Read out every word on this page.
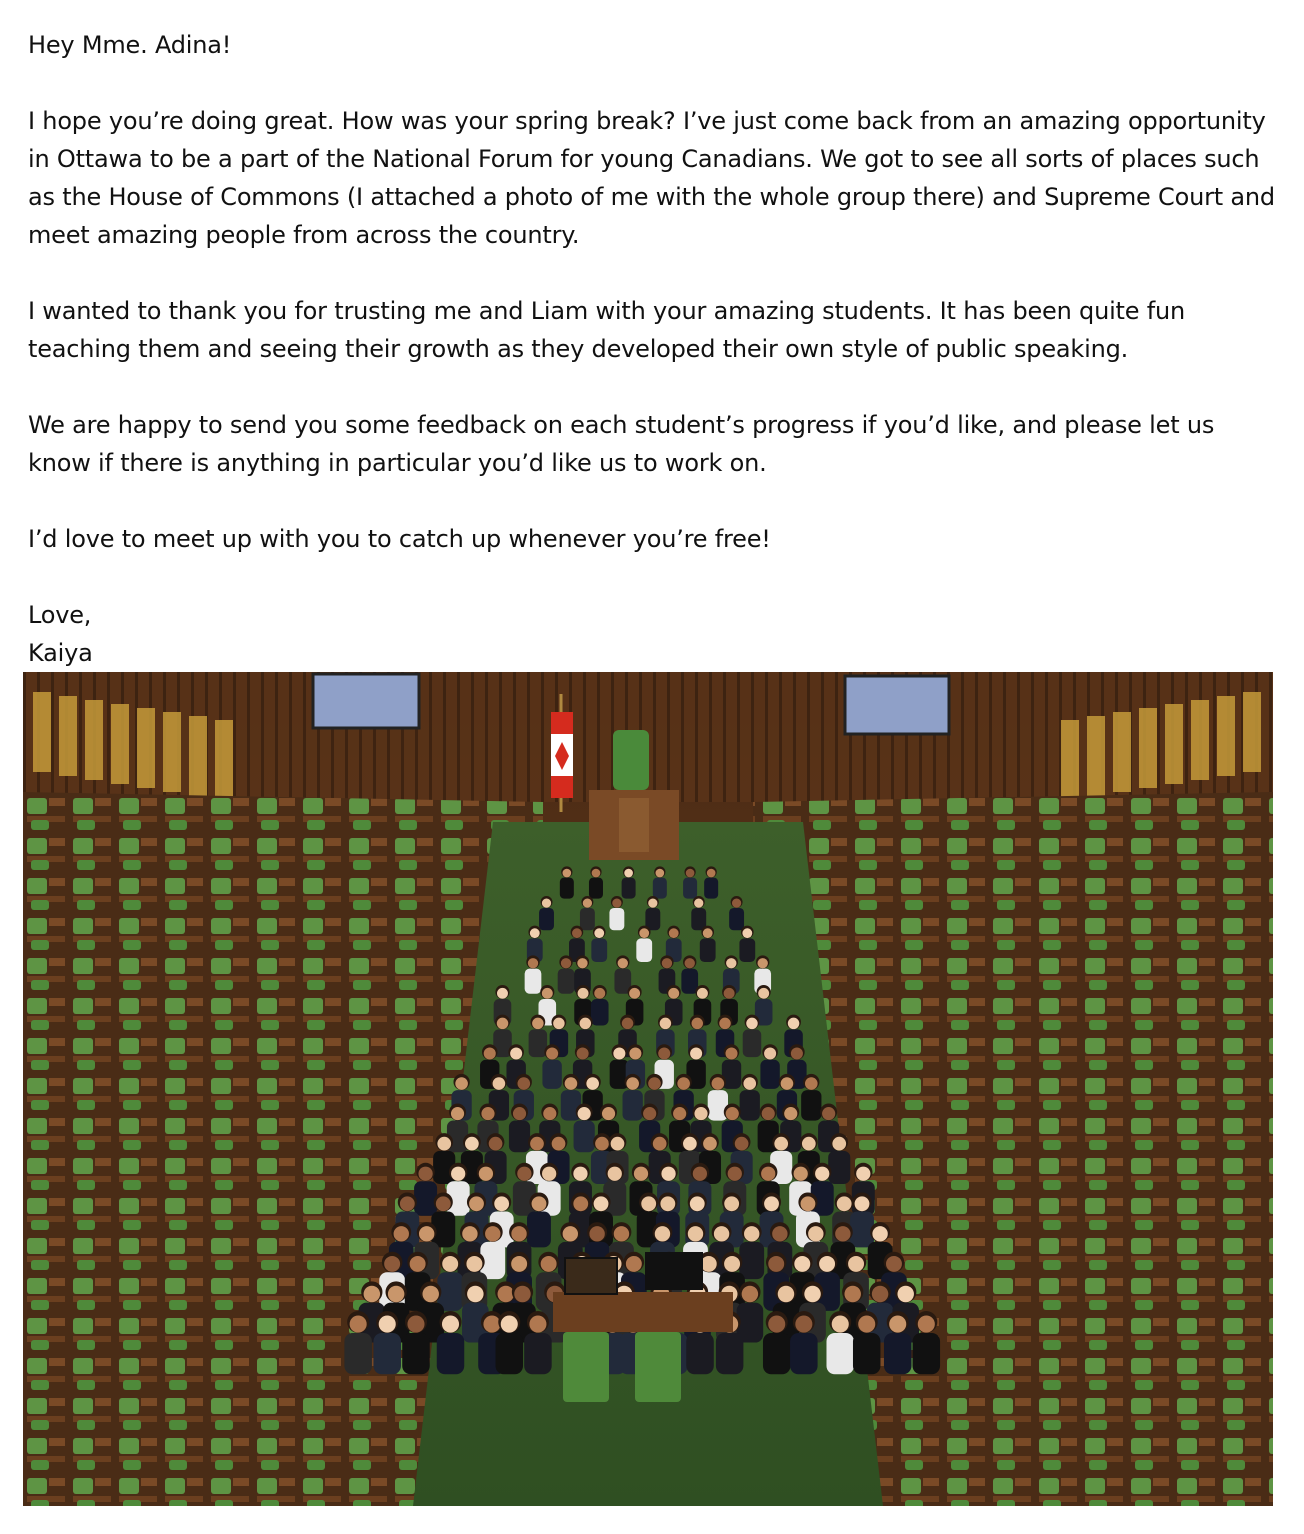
Hey Mme. Adina!

I hope you’re doing great. How was your spring break? I’ve just come back from an amazing opportunity in Ottawa to be a part of the National Forum for young Canadians. We got to see all sorts of places such as the House of Commons (I attached a photo of me with the whole group there) and Supreme Court and meet amazing people from across the country.

I wanted to thank you for trusting me and Liam with your amazing students. It has been quite fun teaching them and seeing their growth as they developed their own style of public speaking.

We are happy to send you some feedback on each student’s progress if you’d like, and please let us know if there is anything in particular you’d like us to work on.

I’d love to meet up with you to catch up whenever you’re free!

Love,

Kaiya
